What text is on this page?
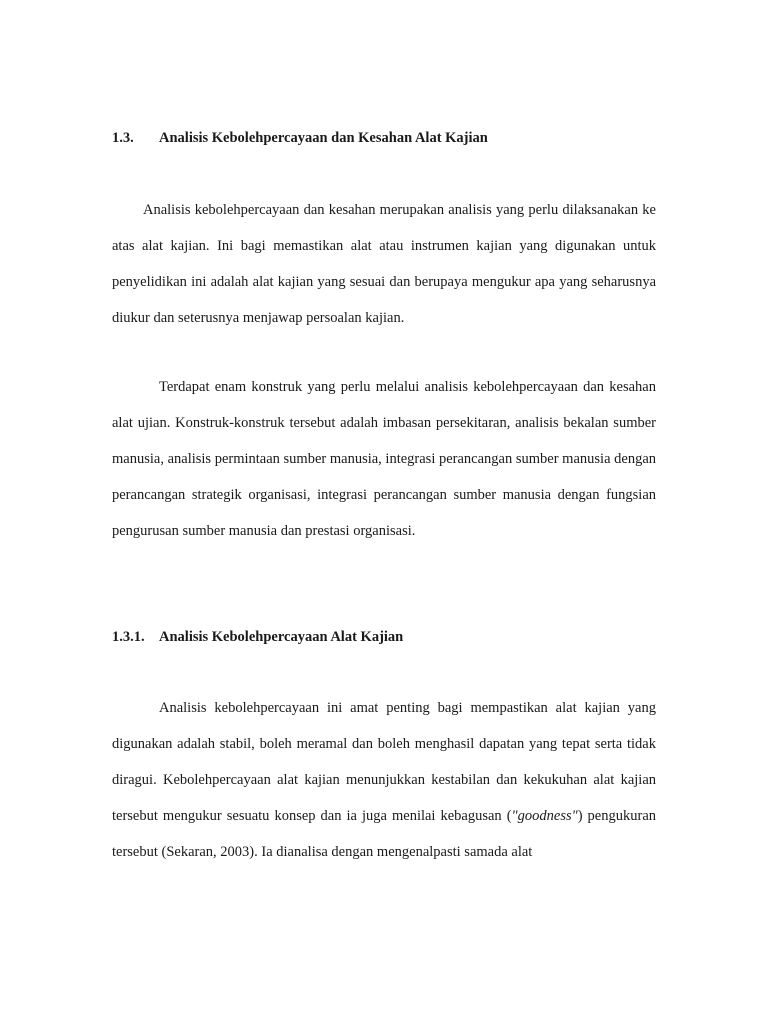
1.3. Analisis Kebolehpercayaan dan Kesahan Alat Kajian

Analisis kebolehpercayaan dan kesahan merupakan analisis yang perlu dilaksanakan ke atas alat kajian. Ini bagi memastikan alat atau instrumen kajian yang digunakan untuk penyelidikan ini adalah alat kajian yang sesuai dan berupaya mengukur apa yang seharusnya diukur dan seterusnya menjawap persoalan kajian.

Terdapat enam konstruk yang perlu melalui analisis kebolehpercayaan dan kesahan alat ujian. Konstruk-konstruk tersebut adalah imbasan persekitaran, analisis bekalan sumber manusia, analisis permintaan sumber manusia, integrasi perancangan sumber manusia dengan perancangan strategik organisasi, integrasi perancangan sumber manusia dengan fungsian pengurusan sumber manusia dan prestasi organisasi.

1.3.1. Analisis Kebolehpercayaan Alat Kajian

Analisis kebolehpercayaan ini amat penting bagi mempastikan alat kajian yang digunakan adalah stabil, boleh meramal dan boleh menghasil dapatan yang tepat serta tidak diragui. Kebolehpercayaan alat kajian menunjukkan kestabilan dan kekukuhan alat kajian tersebut mengukur sesuatu konsep dan ia juga menilai kebagusan ("goodness") pengukuran tersebut (Sekaran, 2003). Ia dianalisa dengan mengenalpasti samada alat
